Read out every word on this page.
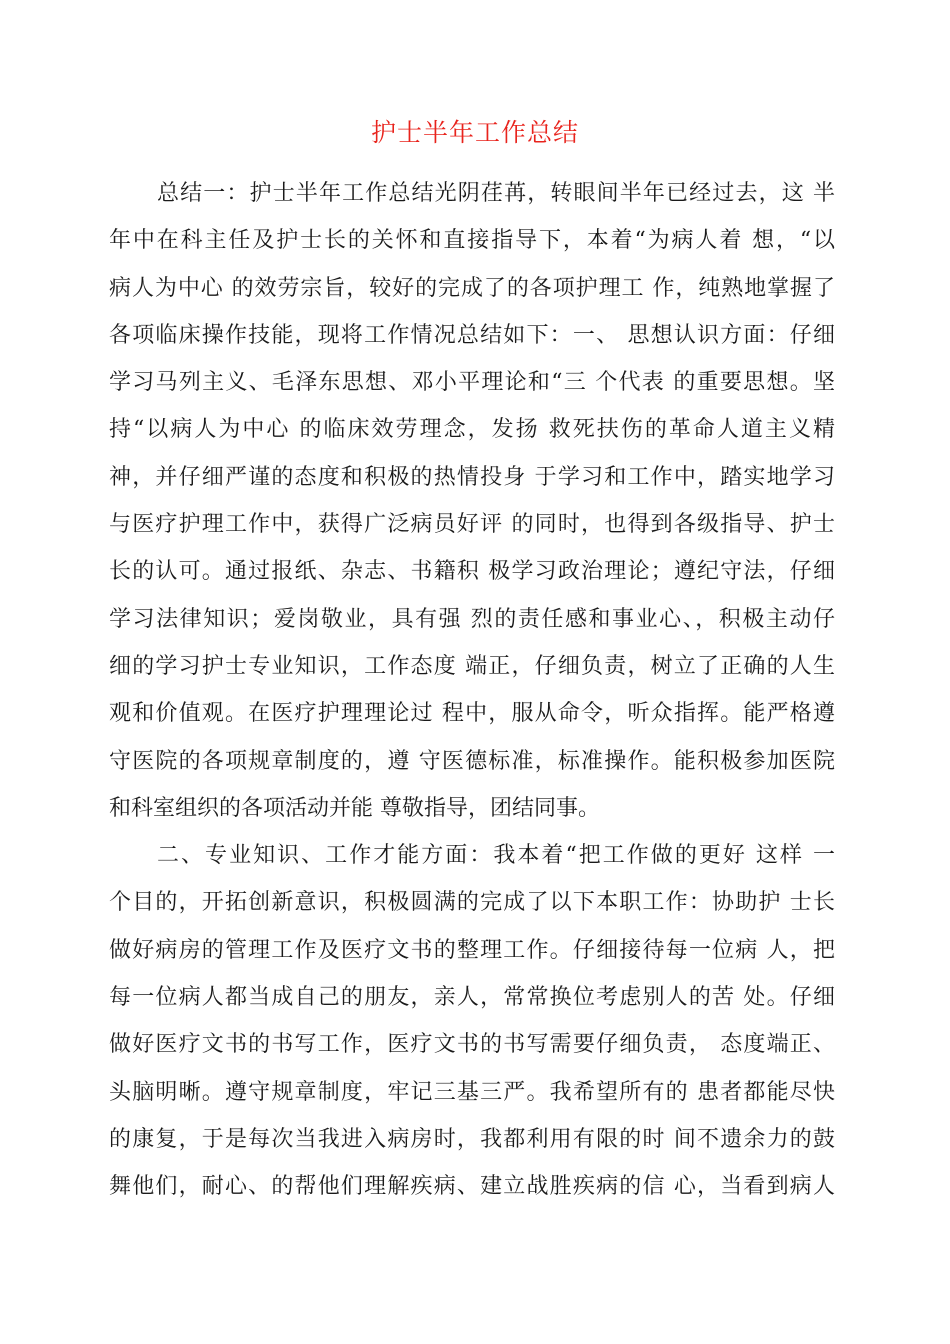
护士半年工作总结
总结一：护士半年工作总结光阴荏苒，转眼间半年已经过去，这 半
年中在科主任及护士长的关怀和直接指导下，本着“为病人着 想，“以
病人为中心 的效劳宗旨，较好的完成了的各项护理工 作，纯熟地掌握了
各项临床操作技能，现将工作情况总结如下：一、 思想认识方面：仔细
学习马列主义、毛泽东思想、邓小平理论和“三 个代表 的重要思想。坚
持“以病人为中心 的临床效劳理念，发扬 救死扶伤的革命人道主义精
神，并仔细严谨的态度和积极的热情投身 于学习和工作中，踏实地学习
与医疗护理工作中，获得广泛病员好评 的同时，也得到各级指导、护士
长的认可。通过报纸、杂志、书籍积 极学习政治理论；遵纪守法，仔细
学习法律知识；爱岗敬业，具有强 烈的责任感和事业心、，积极主动仔
细的学习护士专业知识，工作态度 端正，仔细负责，树立了正确的人生
观和价值观。在医疗护理理论过 程中，服从命令，听众指挥。能严格遵
守医院的各项规章制度的，遵 守医德标准，标准操作。能积极参加医院
和科室组织的各项活动并能 尊敬指导，团结同事。
二、专业知识、工作才能方面：我本着“把工作做的更好 这样 一
个目的，开拓创新意识，积极圆满的完成了以下本职工作：协助护 士长
做好病房的管理工作及医疗文书的整理工作。仔细接待每一位病 人，把
每一位病人都当成自己的朋友，亲人，常常换位考虑别人的苦 处。仔细
做好医疗文书的书写工作，医疗文书的书写需要仔细负责， 态度端正、
头脑明晰。遵守规章制度，牢记三基三严。我希望所有的 患者都能尽快
的康复，于是每次当我进入病房时，我都利用有限的时 间不遗余力的鼓
舞他们，耐心、的帮他们理解疾病、建立战胜疾病的信 心，当看到病人
